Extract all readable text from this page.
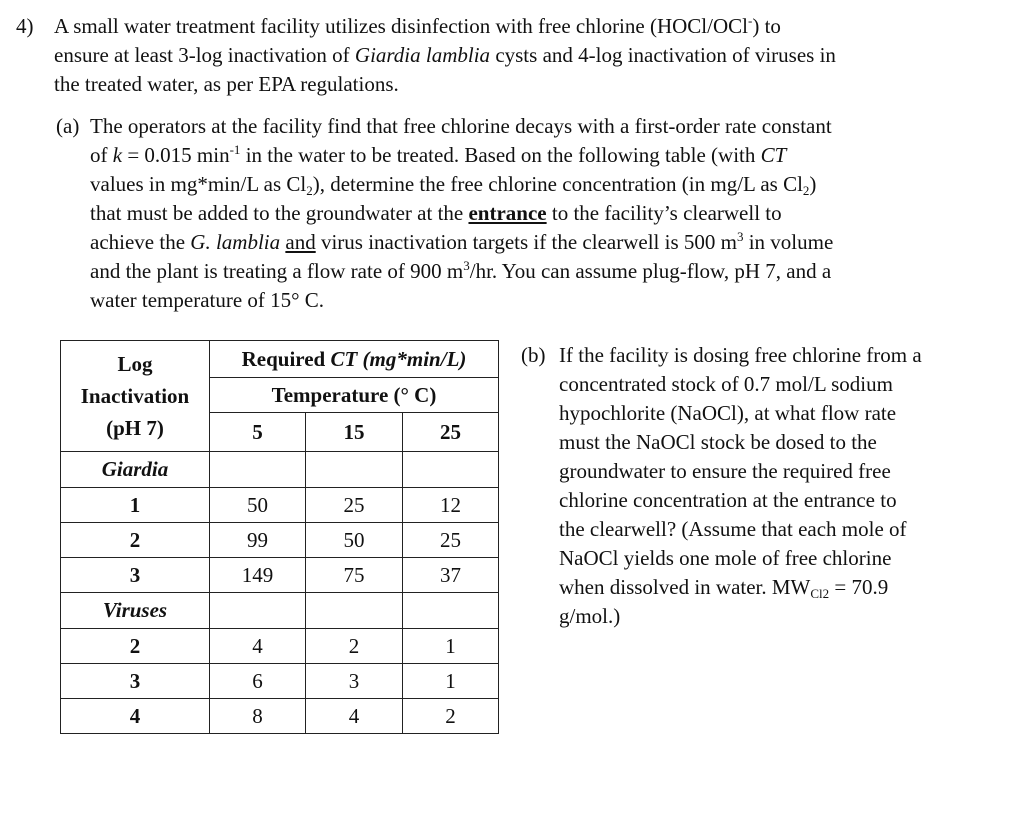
4) A small water treatment facility utilizes disinfection with free chlorine (HOCl/OCl-) to
ensure at least 3-log inactivation of Giardia lamblia cysts and 4-log inactivation of viruses in
the treated water, as per EPA regulations.
(a) The operators at the facility find that free chlorine decays with a first-order rate constant
of k = 0.015 $\min^{-1}$ in the water to be treated. Based on the following table (with CT
values in mg*min/L as $Cl_2$), determine the free chlorine concentration (in mg/L as $Cl_2$)
that must be added to the groundwater at the entrance to the facility’s clearwell to
achieve the G. lamblia and virus inactivation targets if the clearwell is 500 $m^3$ in volume
and the plant is treating a flow rate of 900 $m^3/hr$. You can assume plug-flow, pH 7, and a
water temperature of 15° C.
Log
Inactivation
(pH 7)	Required CT (mg*min/L)		
	Temperature (° C)		
	5	15	25
Giardia			
1	50	25	12
2	99	50	25
3	149	75	37
Viruses			
2	4	2	1
3	6	3	1
4	8	4	2
(b) If the facility is dosing free chlorine from a
concentrated stock of 0.7 mol/L sodium
hypochlorite (NaOCl), at what flow rate
must the NaOCl stock be dosed to the
groundwater to ensure the required free
chlorine concentration at the entrance to
the clearwell? (Assume that each mole of
NaOCl yields one mole of free chlorine
when dissolved in water. $MW_{Cl2} = 70.9$
g/mol.)
